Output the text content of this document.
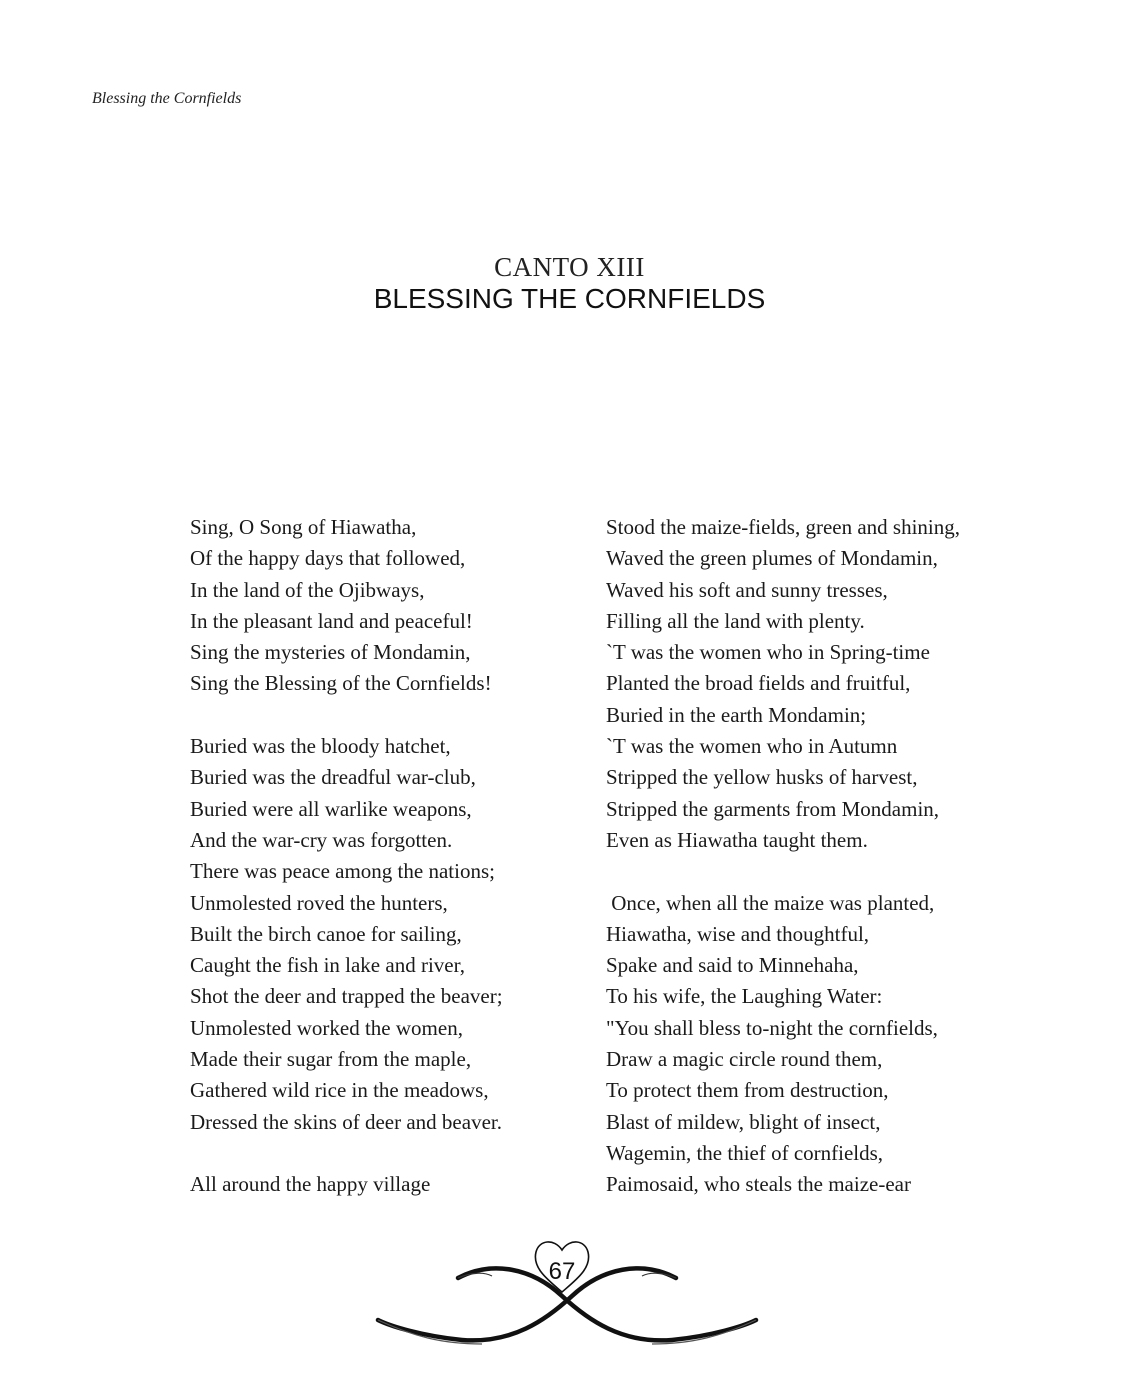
Blessing the Cornfields
CANTO XIII
BLESSING THE CORNFIELDS
Sing, O Song of Hiawatha,
Of the happy days that followed,
In the land of the Ojibways,
In the pleasant land and peaceful!
Sing the mysteries of Mondamin,
Sing the Blessing of the Cornfields!
Buried was the bloody hatchet,
Buried was the dreadful war-club,
Buried were all warlike weapons,
And the war-cry was forgotten.
There was peace among the nations;
Unmolested roved the hunters,
Built the birch canoe for sailing,
Caught the fish in lake and river,
Shot the deer and trapped the beaver;
Unmolested worked the women,
Made their sugar from the maple,
Gathered wild rice in the meadows,
Dressed the skins of deer and beaver.
All around the happy village
Stood the maize-fields, green and shining,
Waved the green plumes of Mondamin,
Waved his soft and sunny tresses,
Filling all the land with plenty.
`T was the women who in Spring-time
Planted the broad fields and fruitful,
Buried in the earth Mondamin;
`T was the women who in Autumn
Stripped the yellow husks of harvest,
Stripped the garments from Mondamin,
Even as Hiawatha taught them.
Once, when all the maize was planted,
Hiawatha, wise and thoughtful,
Spake and said to Minnehaha,
To his wife, the Laughing Water:
"You shall bless to-night the cornfields,
Draw a magic circle round them,
To protect them from destruction,
Blast of mildew, blight of insect,
Wagemin, the thief of cornfields,
Paimosaid, who steals the maize-ear
67
